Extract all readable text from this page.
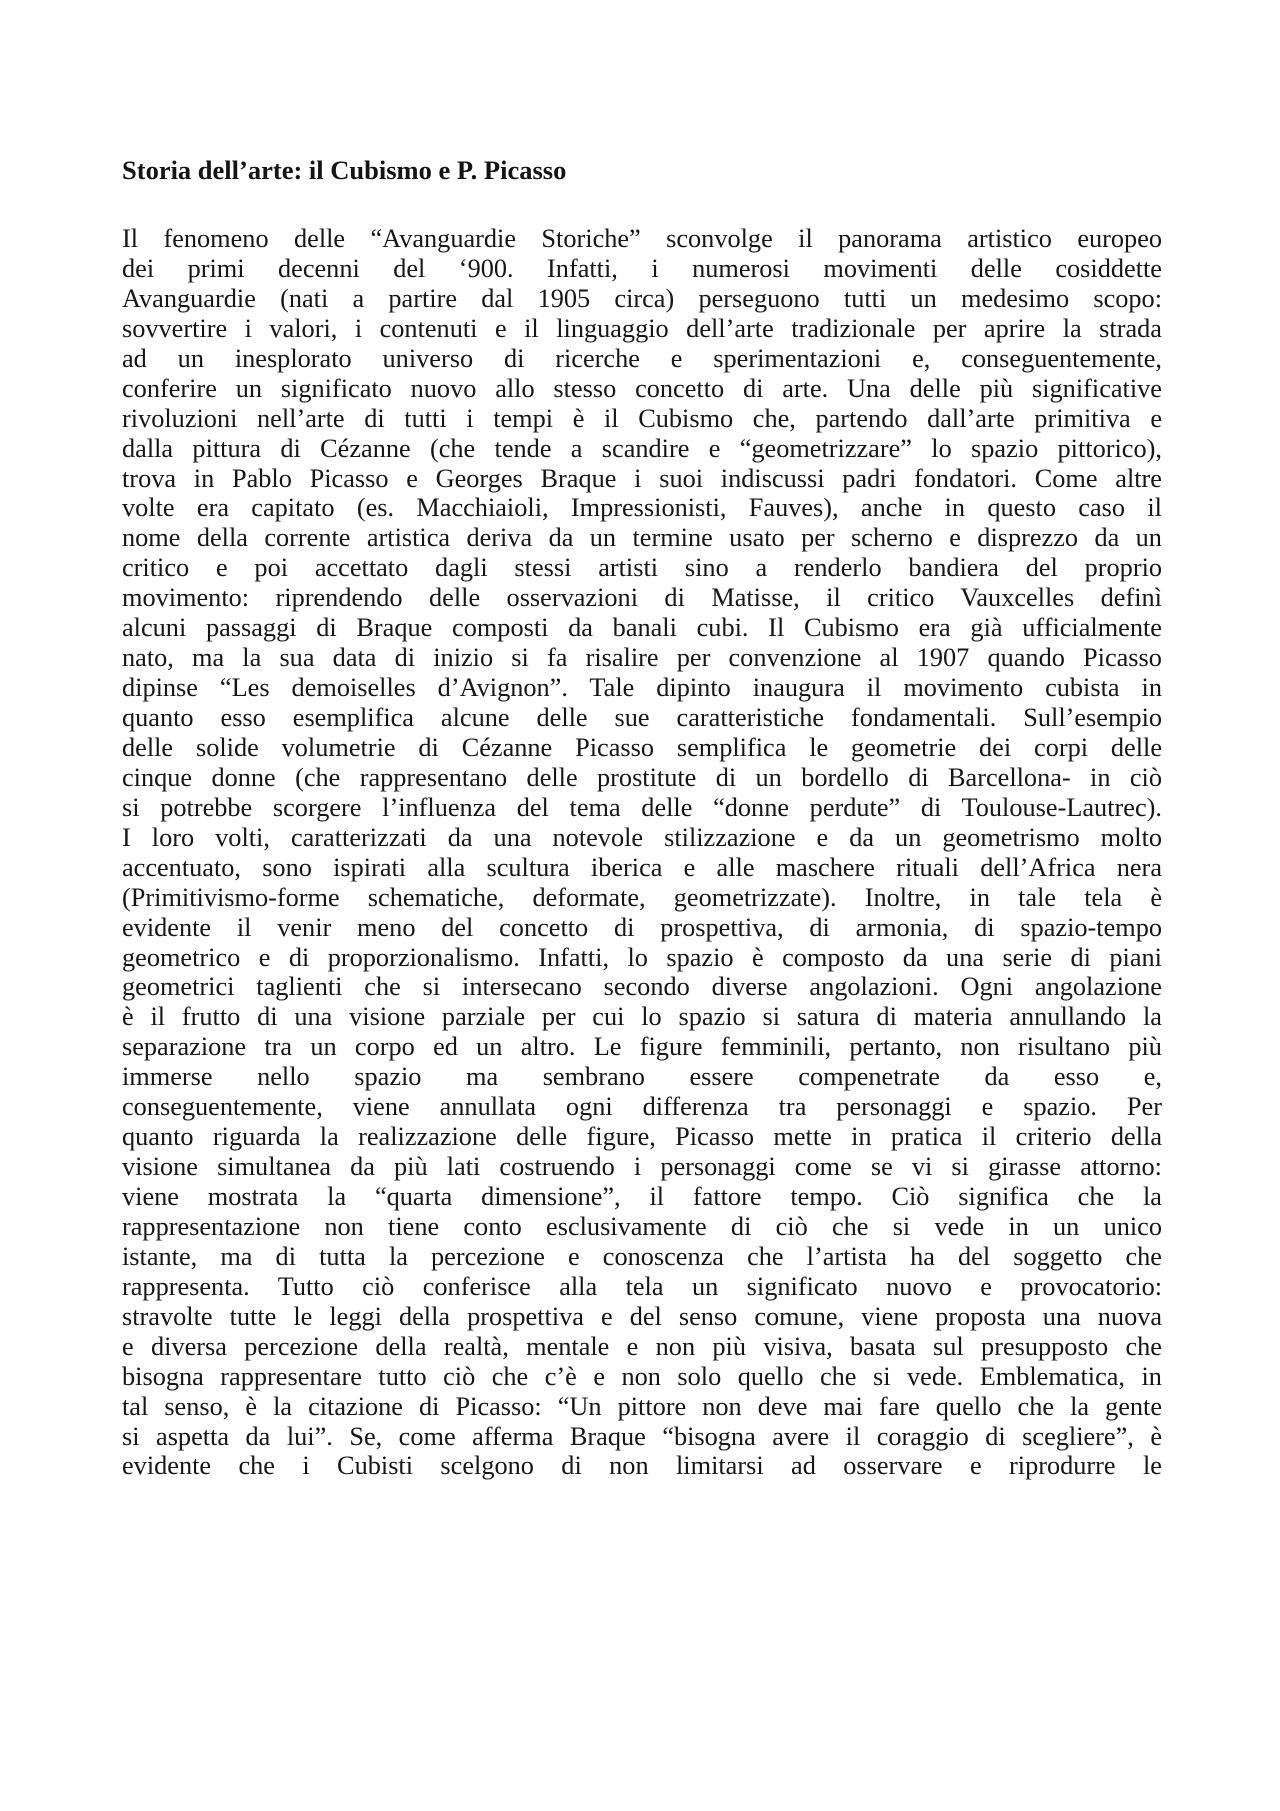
Storia dell’arte: il Cubismo e P. Picasso
Il fenomeno delle “Avanguardie Storiche” sconvolge il panorama artistico europeo
dei primi decenni del ‘900. Infatti, i numerosi movimenti delle cosiddette
Avanguardie (nati a partire dal 1905 circa) perseguono tutti un medesimo scopo:
sovvertire i valori, i contenuti e il linguaggio dell’arte tradizionale per aprire la strada
ad un inesplorato universo di ricerche e sperimentazioni e, conseguentemente,
conferire un significato nuovo allo stesso concetto di arte. Una delle più significative
rivoluzioni nell’arte di tutti i tempi è il Cubismo che, partendo dall’arte primitiva e
dalla pittura di Cézanne (che tende a scandire e “geometrizzare” lo spazio pittorico),
trova in Pablo Picasso e Georges Braque i suoi indiscussi padri fondatori. Come altre
volte era capitato (es. Macchiaioli, Impressionisti, Fauves), anche in questo caso il
nome della corrente artistica deriva da un termine usato per scherno e disprezzo da un
critico e poi accettato dagli stessi artisti sino a renderlo bandiera del proprio
movimento: riprendendo delle osservazioni di Matisse, il critico Vauxcelles definì
alcuni passaggi di Braque composti da banali cubi. Il Cubismo era già ufficialmente
nato, ma la sua data di inizio si fa risalire per convenzione al 1907 quando Picasso
dipinse “Les demoiselles d’Avignon”. Tale dipinto inaugura il movimento cubista in
quanto esso esemplifica alcune delle sue caratteristiche fondamentali. Sull’esempio
delle solide volumetrie di Cézanne Picasso semplifica le geometrie dei corpi delle
cinque donne (che rappresentano delle prostitute di un bordello di Barcellona- in ciò
si potrebbe scorgere l’influenza del tema delle “donne perdute” di Toulouse-Lautrec).
I loro volti, caratterizzati da una notevole stilizzazione e da un geometrismo molto
accentuato, sono ispirati alla scultura iberica e alle maschere rituali dell’Africa nera
(Primitivismo-forme schematiche, deformate, geometrizzate). Inoltre, in tale tela è
evidente il venir meno del concetto di prospettiva, di armonia, di spazio-tempo
geometrico e di proporzionalismo. Infatti, lo spazio è composto da una serie di piani
geometrici taglienti che si intersecano secondo diverse angolazioni. Ogni angolazione
è il frutto di una visione parziale per cui lo spazio si satura di materia annullando la
separazione tra un corpo ed un altro. Le figure femminili, pertanto, non risultano più
immerse nello spazio ma sembrano essere compenetrate da esso e,
conseguentemente, viene annullata ogni differenza tra personaggi e spazio. Per
quanto riguarda la realizzazione delle figure, Picasso mette in pratica il criterio della
visione simultanea da più lati costruendo i personaggi come se vi si girasse attorno:
viene mostrata la “quarta dimensione”, il fattore tempo. Ciò significa che la
rappresentazione non tiene conto esclusivamente di ciò che si vede in un unico
istante, ma di tutta la percezione e conoscenza che l’artista ha del soggetto che
rappresenta. Tutto ciò conferisce alla tela un significato nuovo e provocatorio:
stravolte tutte le leggi della prospettiva e del senso comune, viene proposta una nuova
e diversa percezione della realtà, mentale e non più visiva, basata sul presupposto che
bisogna rappresentare tutto ciò che c’è e non solo quello che si vede. Emblematica, in
tal senso, è la citazione di Picasso: “Un pittore non deve mai fare quello che la gente
si aspetta da lui”. Se, come afferma Braque “bisogna avere il coraggio di scegliere”, è
evidente che i Cubisti scelgono di non limitarsi ad osservare e riprodurre le
